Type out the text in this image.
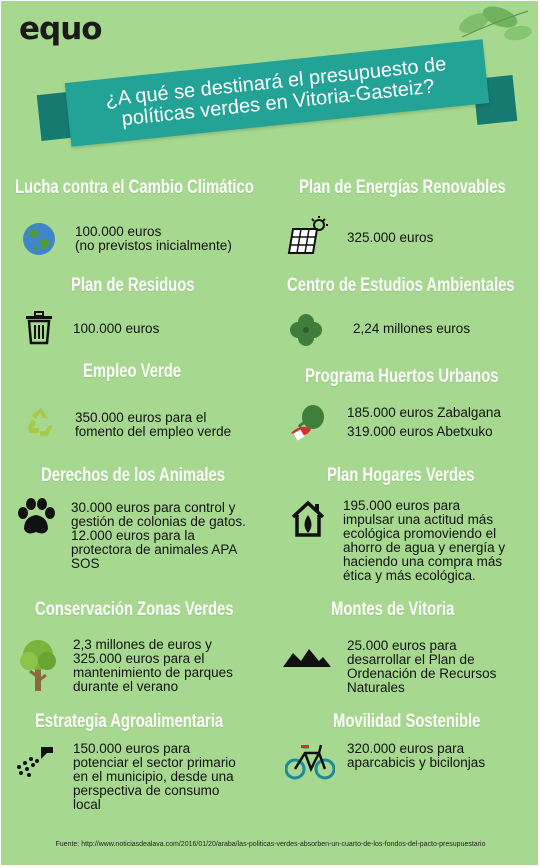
equo
¿A qué se destinará el presupuesto de políticas verdes en Vitoria-Gasteiz?
Lucha contra el Cambio Climático Plan de Energías Renovables
100.000 euros
(no previstos inicialmente)
325.000 euros
Plan de Residuos	Centro de Estudios Ambientales
100.000 euros	2,24 millones euros
Empleo Verde	Programa Huertos Urbanos
350.000 euros para el
fomento del empleo verde
185.000 euros Zabalgana
319.000 euros Abetxuko
Derechos de los Animales	Plan Hogares Verdes
30.000 euros para control y
gestión de colonias de gatos.
12.000 euros para la
protectora de animales APA
SOS
195.000 euros para
impulsar una actitud más
ecológica promoviendo el
ahorro de agua y energía y
haciendo una compra más
ética y más ecológica.
Conservación Zonas Verdes	Montes de Vitoria
2,3 millones de euros y
325.000 euros para el
mantenimiento de parques
durante el verano
25.000 euros para
desarrollar el Plan de
Ordenación de Recursos
Naturales
Estrategia Agroalimentaria	Movilidad Sostenible
150.000 euros para
potenciar el sector primario
en el municipio, desde una
perspectiva de consumo
local
320.000 euros para
aparcabicis y bicilonjas
Fuente: http://www.noticiasdealava.com/2016/01/20/araba/las-politicas-verdes-absorben-un-cuarto-de-los-fondos-del-pacto-presupuestario
